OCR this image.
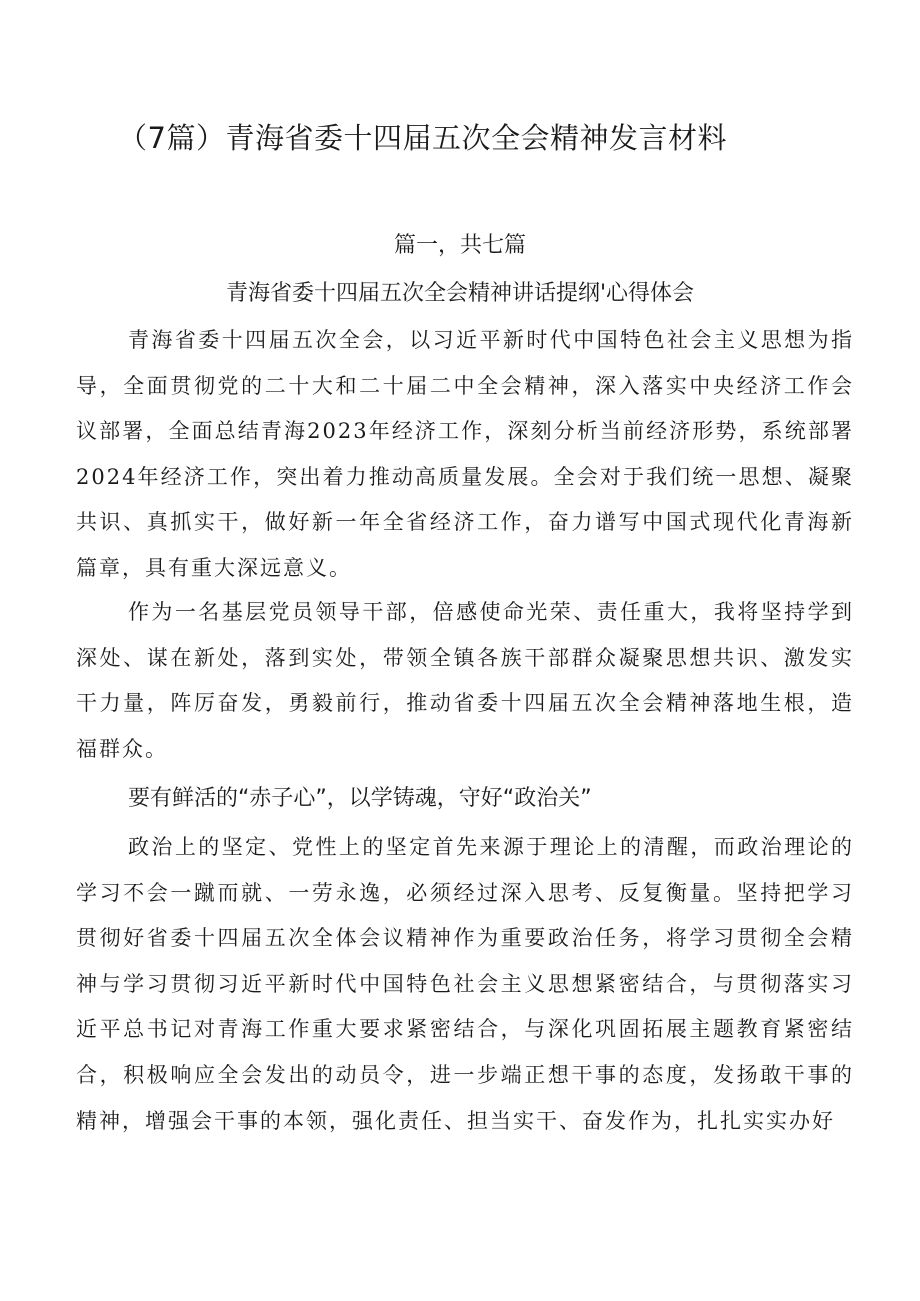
（7篇）青海省委十四届五次全会精神发言材料
篇一，共七篇
青海省委十四届五次全会精神讲话提纲'心得体会

青海省委十四届五次全会，以习近平新时代中国特色社会主义思想为指导，全面贯彻党的二十大和二十届二中全会精神，深入落实中央经济工作会议部署，全面总结青海2023年经济工作，深刻分析当前经济形势，系统部署2024年经济工作，突出着力推动高质量发展。全会对于我们统一思想、凝聚共识、真抓实干，做好新一年全省经济工作，奋力谱写中国式现代化青海新篇章，具有重大深远意义。

作为一名基层党员领导干部，倍感使命光荣、责任重大，我将坚持学到深处、谋在新处，落到实处，带领全镇各族干部群众凝聚思想共识、激发实干力量，阵厉奋发，勇毅前行，推动省委十四届五次全会精神落地生根，造福群众。

要有鲜活的“赤子心”，以学铸魂，守好“政治关”

政治上的坚定、党性上的坚定首先来源于理论上的清醒，而政治理论的学习不会一蹴而就、一劳永逸，必须经过深入思考、反复衡量。坚持把学习贯彻好省委十四届五次全体会议精神作为重要政治任务，将学习贯彻全会精神与学习贯彻习近平新时代中国特色社会主义思想紧密结合，与贯彻落实习近平总书记对青海工作重大要求紧密结合，与深化巩固拓展主题教育紧密结合，积极响应全会发出的动员令，进一步端正想干事的态度，发扬敢干事的精神，增强会干事的本领，强化责任、担当实干、奋发作为，扎扎实实办好
